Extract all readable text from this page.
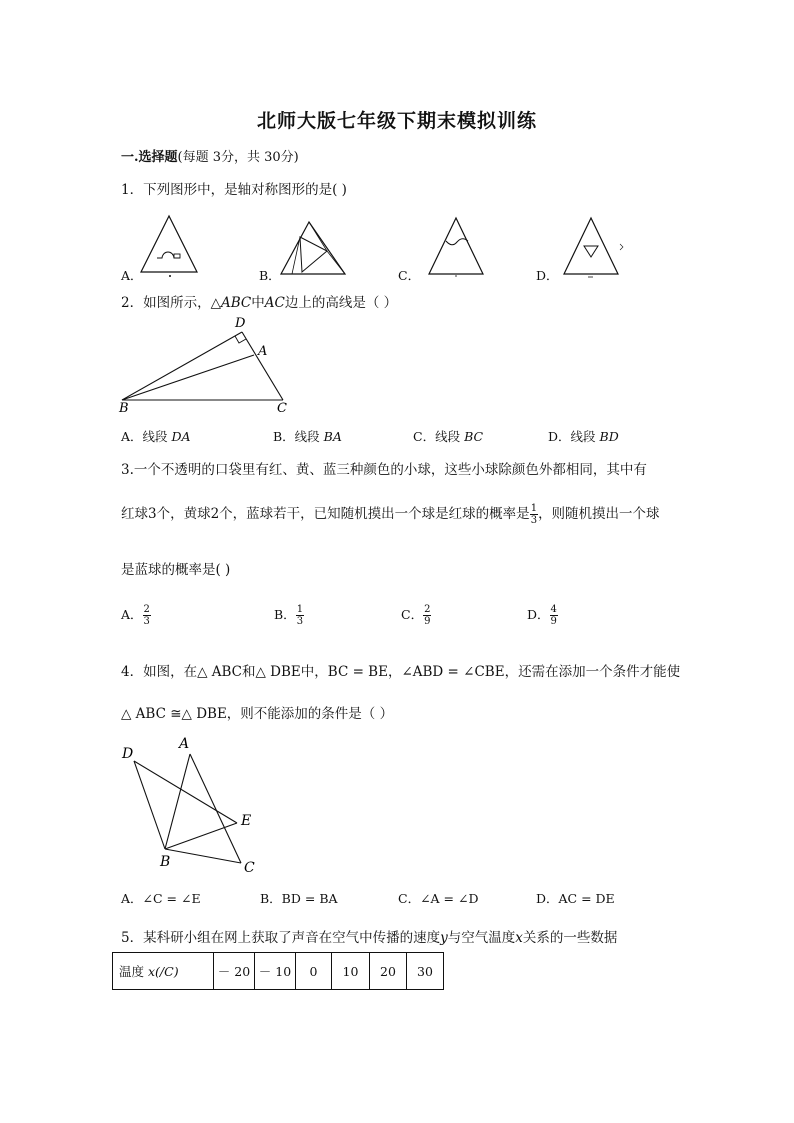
北师大版七年级下期末模拟训练
一.选择题(每题 3分，共 30分)
1．下列图形中，是轴对称图形的是( )
A．	B．	C．	D．
2．如图所示，△ABC中AC边上的高线是（ ）
D
A
B	C
A．线段 DA	B．线段 BA	C．线段 BC	D．线段 BD
3.一个不透明的口袋里有红、黄、蓝三种颜色的小球，这些小球除颜色外都相同，其中有
红球3个，黄球2个，蓝球若干，已知随机摸出一个球是红球的概率是 $\frac{1}{3}$ ，则随机摸出一个球
是蓝球的概率是( )
A． $\frac{2}{3}$	B． $\frac{1}{3}$	C． $\frac{2}{9}$	D． $\frac{4}{9}$
4．如图，在△ ABC和△ DBE中，BC = BE，∠ABD = ∠CBE，还需在添加一个条件才能使
△ ABC ≅△ DBE，则不能添加的条件是（ ）
D
A
E
B	C
A．∠C = ∠E	B．BD = BA	C．∠A = ∠D	D．AC = DE
5．某科研小组在网上获取了声音在空气中传播的速度y与空气温度x关系的一些数据
温度 x(/C)	－ 20	－ 10	0	10	20	30
